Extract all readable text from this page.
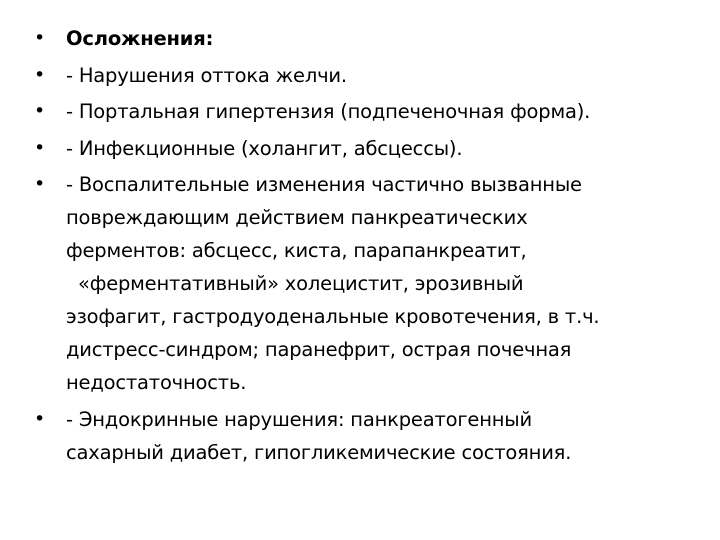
•	Осложнения:
•	- Нарушения оттока желчи.
•	- Портальная гипертензия (подпеченочная форма).
•	- Инфекционные (холангит, абсцессы).
•	- Воспалительные изменения частично вызванные
повреждающим действием панкреатических
ферментов: абсцесс, киста, парапанкреатит,
«ферментативный» холецистит, эрозивный
эзофагит, гастродуоденальные кровотечения, в т.ч.
дистресс-синдром; паранефрит, острая почечная
недостаточность.
•	- Эндокринные нарушения: панкреатогенный
сахарный диабет, гипогликемические состояния.
